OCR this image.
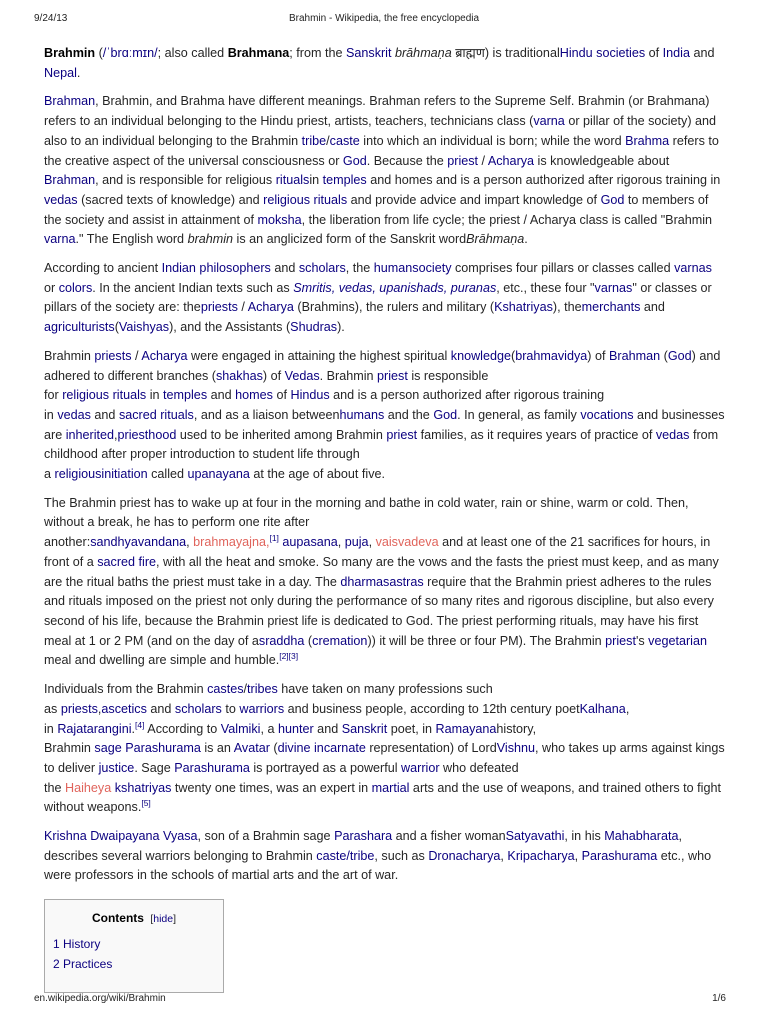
9/24/13	Brahmin - Wikipedia, the free encyclopedia

Brahmin (/ˈbrɑːmɪn/; also called Brahmana; from the Sanskrit brāhmaṇa ब्राह्मण) is traditionalHindu societies of India and Nepal.

Brahman, Brahmin, and Brahma have different meanings. Brahman refers to the Supreme Self. Brahmin (or Brahmana) refers to an individual belonging to the Hindu priest, artists, teachers, technicians class (varna or pillar of the society) and also to an individual belonging to the Brahmin tribe/caste into which an individual is born; while the word Brahma refers to the creative aspect of the universal consciousness or God. Because the priest / Acharya is knowledgeable about Brahman, and is responsible for religious ritualsin temples and homes and is a person authorized after rigorous training in vedas (sacred texts of knowledge) and religious rituals and provide advice and impart knowledge of God to members of the society and assist in attainment of moksha, the liberation from life cycle; the priest / Acharya class is called "Brahmin varna." The English word brahmin is an anglicized form of the Sanskrit wordBrāhmaṇa.

According to ancient Indian philosophers and scholars, the humansociety comprises four pillars or classes called varnas or colors. In the ancient Indian texts such as Smritis, vedas, upanishads, puranas, etc., these four "varnas" or classes or pillars of the society are: thepriests / Acharya (Brahmins), the rulers and military (Kshatriyas), themerchants and agriculturists(Vaishyas), and the Assistants (Shudras).

Brahmin priests / Acharya were engaged in attaining the highest spiritual knowledge(brahmavidya) of Brahman (God) and adhered to different branches (shakhas) of Vedas. Brahmin priest is responsible
for religious rituals in temples and homes of Hindus and is a person authorized after rigorous training
in vedas and sacred rituals, and as a liaison betweenhumans and the God. In general, as family vocations and businesses are inherited,priesthood used to be inherited among Brahmin priest families, as it requires years of practice of vedas from childhood after proper introduction to student life through
a religiousinitiation called upanayana at the age of about five.

The Brahmin priest has to wake up at four in the morning and bathe in cold water, rain or shine, warm or cold. Then, without a break, he has to perform one rite after
another:sandhyavandana, brahmayajna,[1] aupasana, puja, vaisvadeva and at least one of the 21 sacrifices for hours, in front of a sacred fire, with all the heat and smoke. So many are the vows and the fasts the priest must keep, and as many are the ritual baths the priest must take in a day. The dharmasastras require that the Brahmin priest adheres to the rules and rituals imposed on the priest not only during the performance of so many rites and rigorous discipline, but also every second of his life, because the Brahmin priest life is dedicated to God. The priest performing rituals, may have his first meal at 1 or 2 PM (and on the day of asraddha (cremation)) it will be three or four PM). The Brahmin priest's vegetarian meal and dwelling are simple and humble.[2][3]

Individuals from the Brahmin castes/tribes have taken on many professions such
as priests,ascetics and scholars to warriors and business people, according to 12th century poetKalhana,
in Rajatarangini.[4] According to Valmiki, a hunter and Sanskrit poet, in Ramayanahistory,
Brahmin sage Parashurama is an Avatar (divine incarnate representation) of LordVishnu, who takes up arms against kings to deliver justice. Sage Parashurama is portrayed as a powerful warrior who defeated
the Haiheya kshatriyas twenty one times, was an expert in martial arts and the use of weapons, and trained others to fight without weapons.[5]

Krishna Dwaipayana Vyasa, son of a Brahmin sage Parashara and a fisher womanSatyavathi, in his Mahabharata, describes several warriors belonging to Brahmin caste/tribe, such as Dronacharya, Kripacharya, Parashurama etc., who were professors in the schools of martial arts and the art of war.

Contents [hide]
1 History
2 Practices
en.wikipedia.org/wiki/Brahmin	1/6
